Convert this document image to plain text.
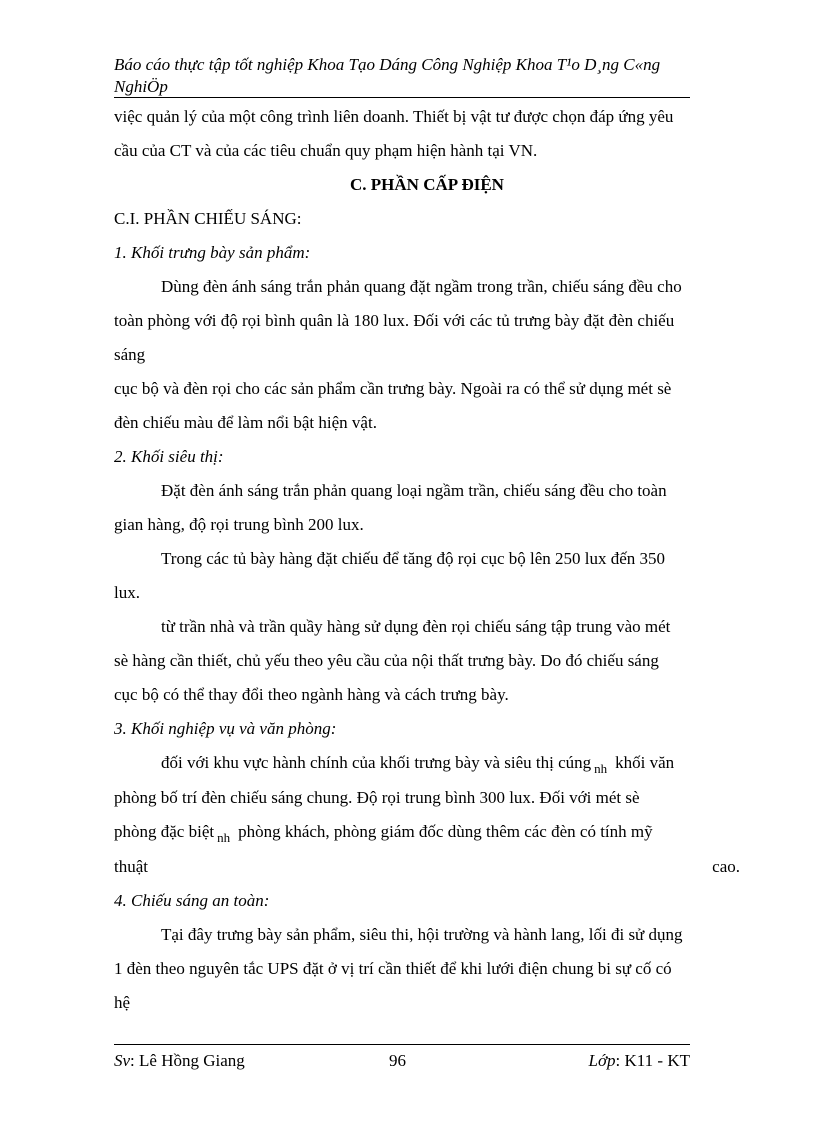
Báo cáo thực tập tốt nghiệp Khoa Tạo Dáng Công Nghiệp Khoa T¹o D¸ng C«ng
NghiÖp

việc quản lý của một công trình liên doanh. Thiết bị vật tư được chọn đáp ứng yêu

cầu của CT và của các tiêu chuẩn quy phạm hiện hành tại VN.

C. PHẦN CẤP ĐIỆN

C.I. PHẦN CHIẾU SÁNG:

1. Khối trưng bày sản phẩm:

Dùng đèn ánh sáng trắn phản quang đặt ngầm trong trần, chiếu sáng đều cho

toàn phòng với độ rọi bình quân là 180 lux. Đối với các tủ trưng bày đặt đèn chiếu

sáng

cục bộ và đèn rọi cho các sản phẩm cần trưng bày. Ngoài ra có thể sử dụng mét sè

đèn chiếu màu để làm nổi bật hiện vật.

2. Khối siêu thị:

Đặt đèn ánh sáng trắn phản quang loại ngầm trần, chiếu sáng đều cho toàn

gian hàng, độ rọi trung bình 200 lux.

Trong các tủ bày hàng đặt chiếu để tăng độ rọi cục bộ lên 250 lux đến 350

lux.

từ trần nhà và trần quầy hàng sử dụng đèn rọi chiếu sáng tập trung vào mét

sè hàng cần thiết, chủ yếu theo yêu cầu của nội thất trưng bày. Do đó chiếu sáng

cục bộ có thể thay đổi theo ngành hàng và cách trưng bày.

3. Khối nghiệp vụ và văn phòng:

đối với khu vực hành chính của khối trưng bày và siêu thị cúng $_{nh}$ khối văn

phòng bố trí đèn chiếu sáng chung. Độ rọi trung bình 300 lux. Đối với mét sè

phòng đặc biệt $_{nh}$ phòng khách, phòng giám đốc dùng thêm các đèn có tính mỹ

thuật	cao.

4. Chiếu sáng an toàn:

Tại đây trưng bày sản phẩm, siêu thi, hội trường và hành lang, lối đi sử dụng

1 đèn theo nguyên tắc UPS đặt ở vị trí cần thiết để khi lưới điện chung bi sự cố có

hệ

Sv: Lê Hồng Giang	96	Lớp: K11 - KT
